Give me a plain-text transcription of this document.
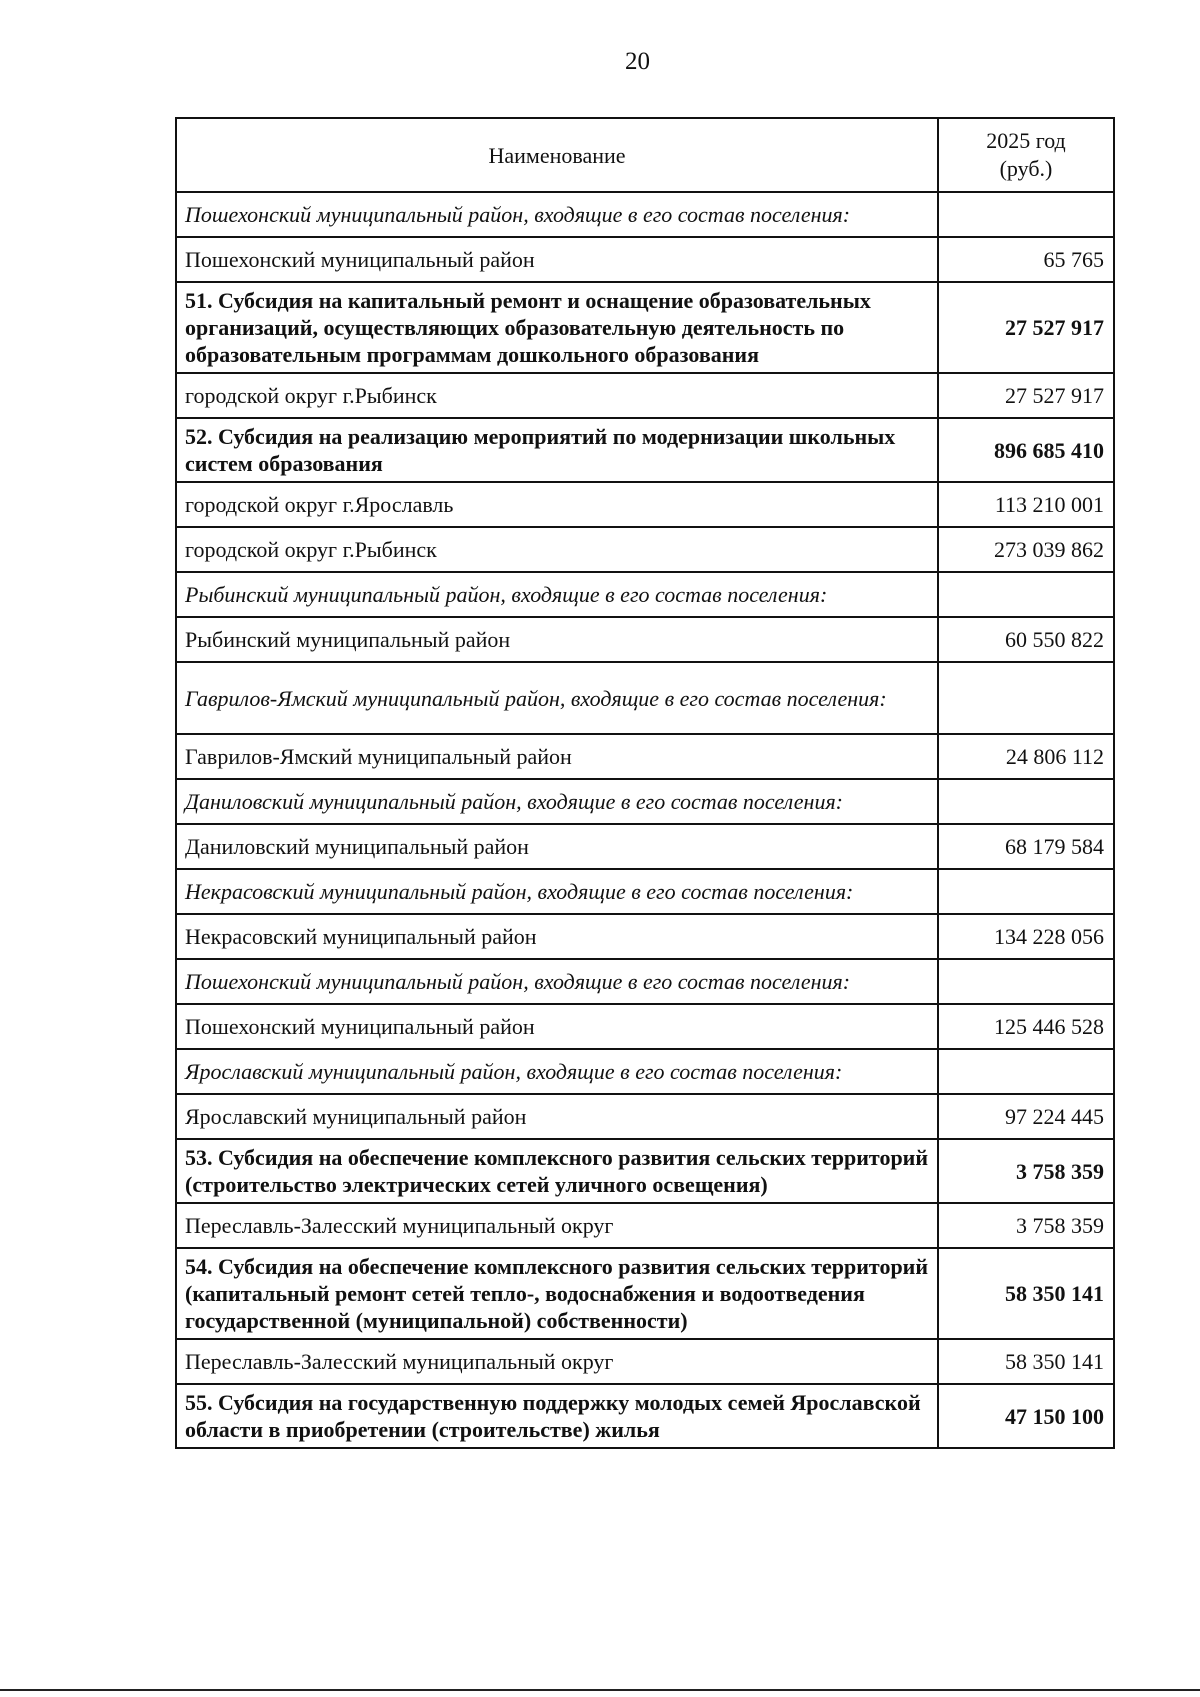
20
Наименование	2025 год
(руб.)
Пошехонский муниципальный район, входящие в его состав поселения:	
Пошехонский муниципальный район	65 765
51. Субсидия на капитальный ремонт и оснащение образовательных организаций, осуществляющих образовательную деятельность по образовательным программам дошкольного образования	27 527 917
городской округ г.Рыбинск	27 527 917
52. Субсидия на реализацию мероприятий по модернизации школьных систем образования	896 685 410
городской округ г.Ярославль	113 210 001
городской округ г.Рыбинск	273 039 862
Рыбинский муниципальный район, входящие в его состав поселения:	
Рыбинский муниципальный район	60 550 822
Гаврилов-Ямский муниципальный район, входящие в его состав поселения:	
Гаврилов-Ямский муниципальный район	24 806 112
Даниловский муниципальный район, входящие в его состав поселения:	
Даниловский муниципальный район	68 179 584
Некрасовский муниципальный район, входящие в его состав поселения:	
Некрасовский муниципальный район	134 228 056
Пошехонский муниципальный район, входящие в его состав поселения:	
Пошехонский муниципальный район	125 446 528
Ярославский муниципальный район, входящие в его состав поселения:	
Ярославский муниципальный район	97 224 445
53. Субсидия на обеспечение комплексного развития сельских территорий (строительство электрических сетей уличного освещения)	3 758 359
Переславль-Залесский муниципальный округ	3 758 359
54. Субсидия на обеспечение комплексного развития сельских территорий (капитальный ремонт сетей тепло-, водоснабжения и водоотведения государственной (муниципальной) собственности)	58 350 141
Переславль-Залесский муниципальный округ	58 350 141
55. Субсидия на государственную поддержку молодых семей Ярославской области в приобретении (строительстве) жилья	47 150 100
